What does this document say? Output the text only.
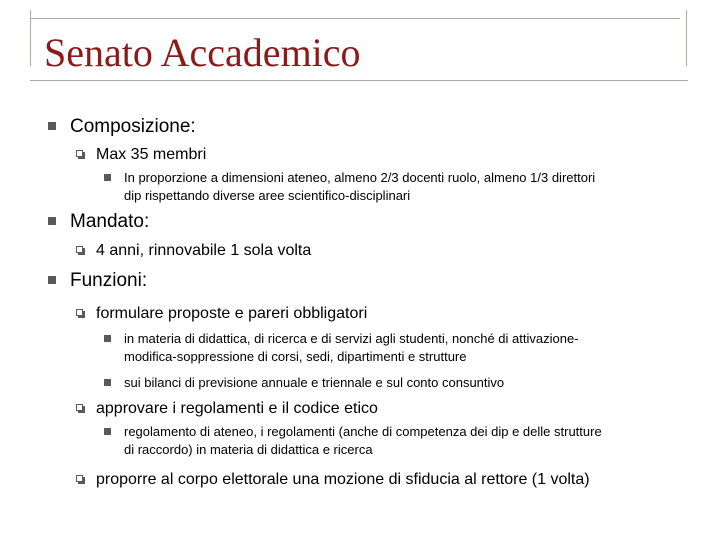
Senato Accademico
Composizione:
Max 35 membri
In proporzione a dimensioni ateneo, almeno 2/3 docenti ruolo, almeno 1/3 direttori
dip rispettando diverse aree scientifico-disciplinari
Mandato:
4 anni, rinnovabile 1 sola volta
Funzioni:
formulare proposte e pareri obbligatori
in materia di didattica, di ricerca e di servizi agli studenti, nonché di attivazione-
modifica-soppressione di corsi, sedi, dipartimenti e strutture
sui bilanci di previsione annuale e triennale e sul conto consuntivo
approvare i regolamenti e il codice etico
regolamento di ateneo, i regolamenti (anche di competenza dei dip e delle strutture
di raccordo) in materia di didattica e ricerca
proporre al corpo elettorale una mozione di sfiducia al rettore (1 volta)
